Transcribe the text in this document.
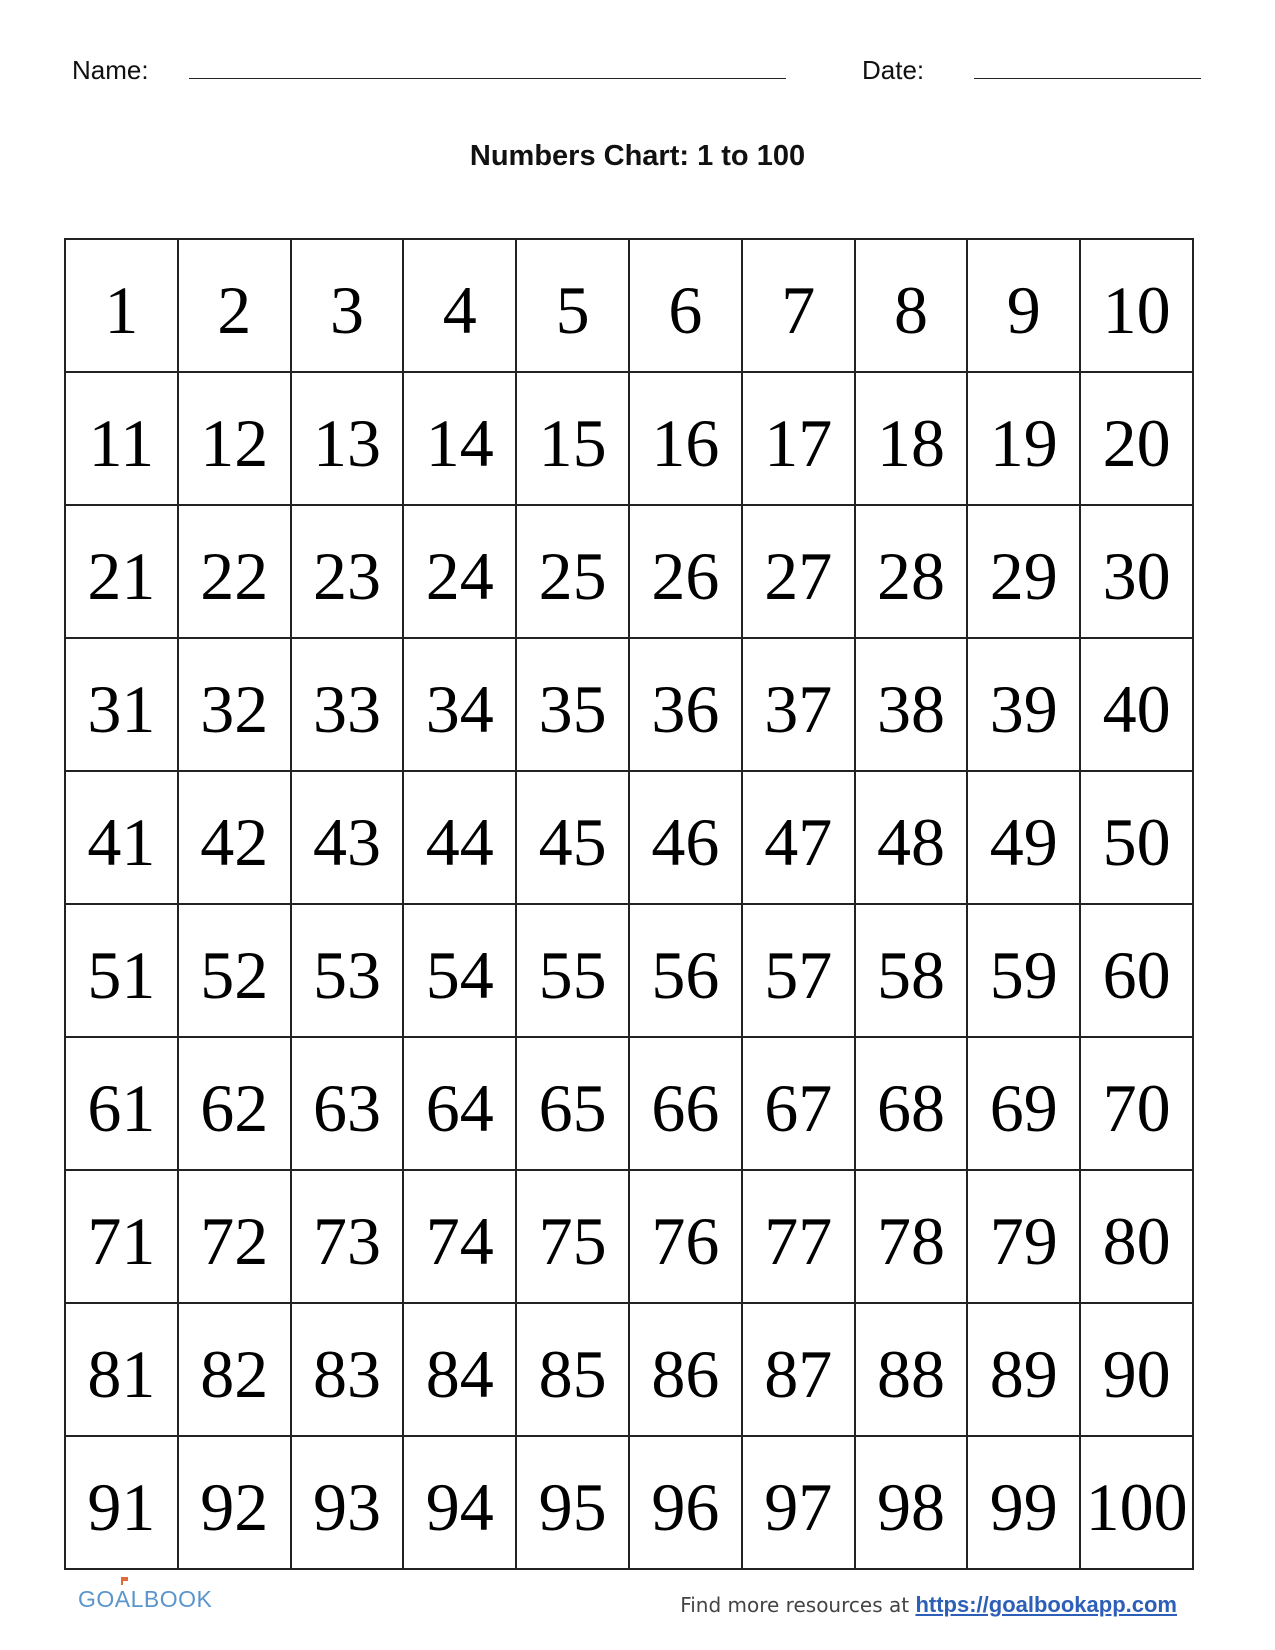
Name:	Date:
Numbers Chart: 1 to 100
1	2	3	4	5	6	7	8	9 10
11 12 13 14 15 16 17 18 19 20
21 22 23 24 25 26 27 28 29 30
31 32 33 34 35 36 37 38 39 40
41 42 43 44 45 46 47 48 49 50
51 52 53 54 55 56 57 58 59 60
61 62 63 64 65 66 67 68 69 70
71 72 73 74 75 76 77 78 79 80
81 82 83 84 85 86 87 88 89 90
91 92 93 94 95 96 97 98 99 100
GOALBOOK	Find more resources at https://goalbookapp.com
